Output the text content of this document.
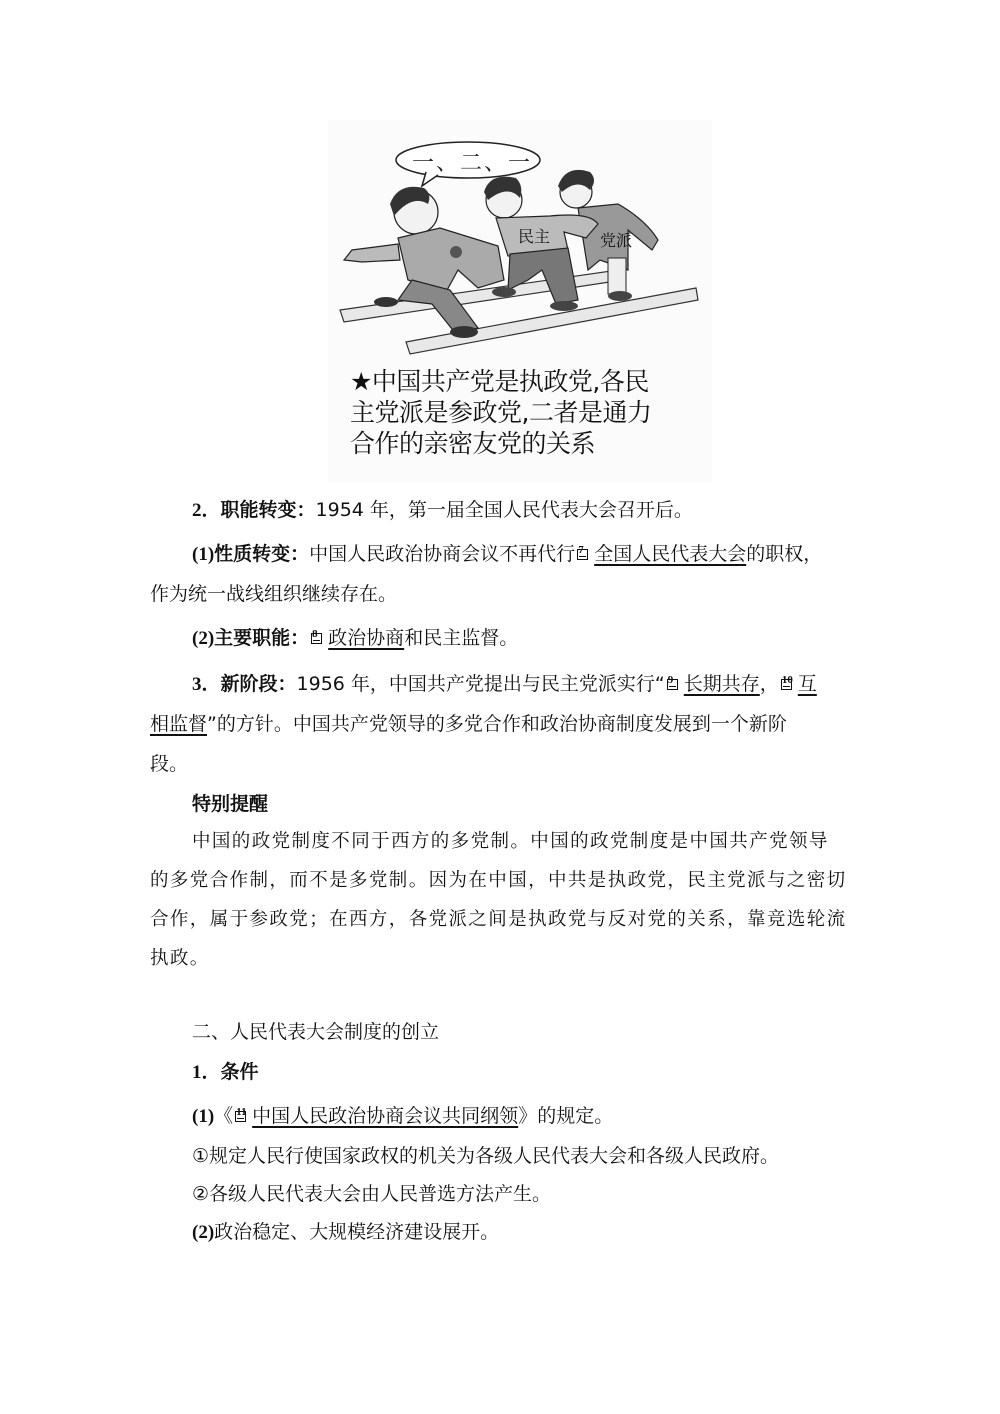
一、二、一
民主	党派
★中国共产党是执政党,各民
主党派是参政党,二者是通力
合作的亲密友党的关系
2．职能转变：1954 年，第一届全国人民代表大会召开后。
(1)性质转变：中国人民政治协商会议不再代行 7 全国人民代表大会的职权，
作为统一战线组织继续存在。
(2)主要职能： 8 政治协商和民主监督。
3．新阶段：1956 年，中国共产党提出与民主党派实行“ 9 长期共存， 10 互
相监督”的方针。中国共产党领导的多党合作和政治协商制度发展到一个新阶
段。
特别提醒
中国的政党制度不同于西方的多党制。中国的政党制度是中国共产党领导
的多党合作制，而不是多党制。因为在中国，中共是执政党，民主党派与之密切
合作，属于参政党；在西方，各党派之间是执政党与反对党的关系，靠竞选轮流
执政。
二、人民代表大会制度的创立
1．条件
(1)《 11 中国人民政治协商会议共同纲领》的规定。
①规定人民行使国家政权的机关为各级人民代表大会和各级人民政府。
②各级人民代表大会由人民普选方法产生。
(2)政治稳定、大规模经济建设展开。
